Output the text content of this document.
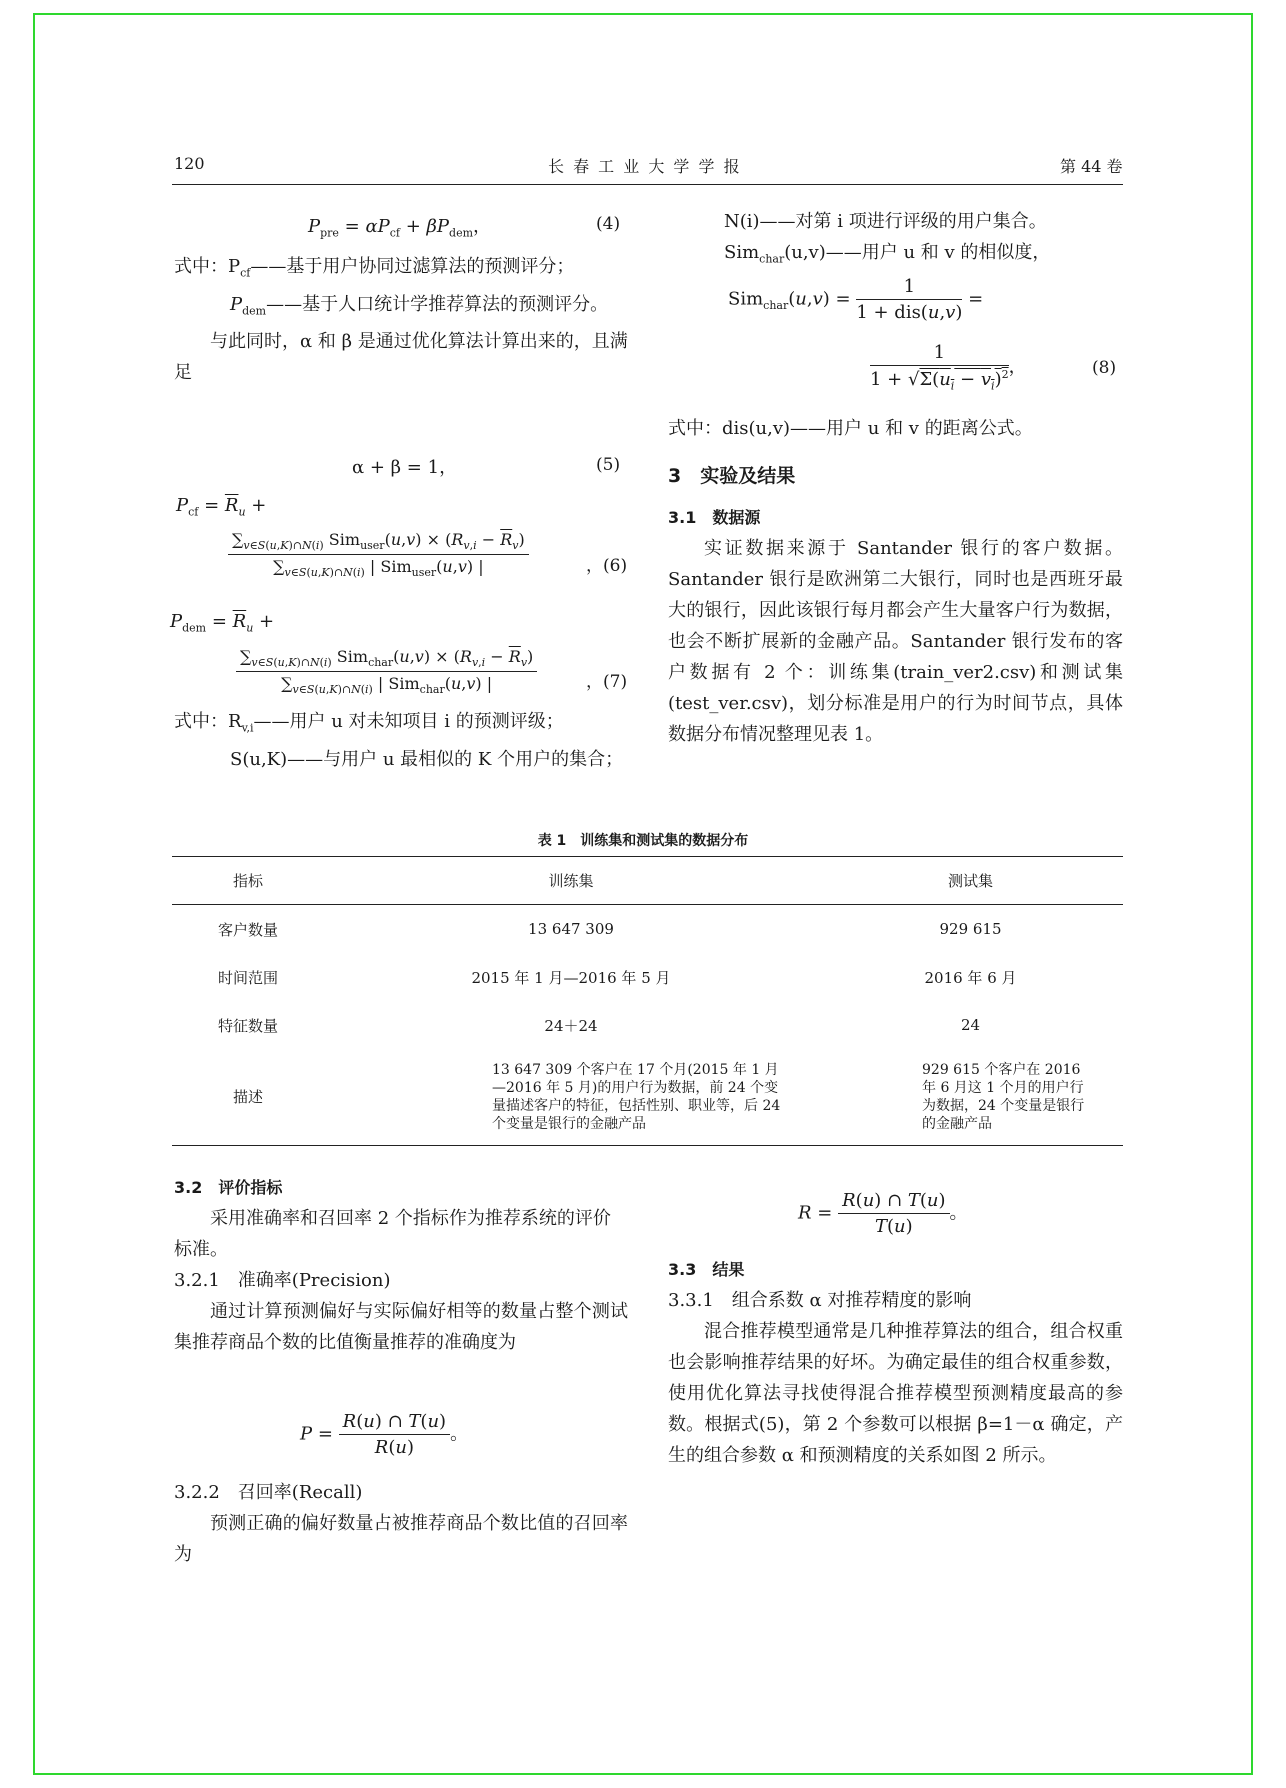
120	长 春 工 业 大 学 学 报	第 44 卷
$P_{pre} = \alpha P_{cf} + \beta P_{dem}$，	(4)

式中：$P_{cf}——$基于用户协同过滤算法的预测评分；

$P_{dem}——$基于人口统计学推荐算法的预测评分。

与此同时，α 和 β 是通过优化算法计算出来的，且满足

α + β = 1，	(5)
$P_{cf} = \overline{R}_u$ +
$\frac{\sum_{v\in S(u,K)\cap N(i)} Sim_{user}(u,v) \times (R_{v,i} - \overline{R}_v)}{\sum_{v\in S(u,K)\cap N(i)} | Sim_{user}(u,v) |}$	，(6)
$P_{dem} = \overline{R}_u$ +
$\frac{\sum_{v\in S(u,K)\cap N(i)} Sim_{char}(u,v) \times (R_{v,i} - \overline{R}_v)}{\sum_{v\in S(u,K)\cap N(i)} | Sim_{char}(u,v) |}$	，(7)

式中：$R_{v,i}——$用户 u 对未知项目 i 的预测评级；

S(u,K)——与用户 u 最相似的 K 个用户的集合；

N(i)——对第 i 项进行评级的用户集合。

Sim$_{char}$(u,v)——用户 u 和 v 的相似度，

$Sim_{char}(u,v) = \frac{1}{\text{1 + dis(u,v)}}$ =
$\frac{1}{1 + √\Sigma(u_i - v_i)^2}$ ，	(8)

式中：dis(u,v)——用户 u 和 v 的距离公式。

3　实验及结果

3.1　数据源

实证数据来源于 Santander 银行的客户数据。Santander 银行是欧洲第二大银行，同时也是西班牙最大的银行，因此该银行每月都会产生大量客户行为数据，也会不断扩展新的金融产品。Santander 银行发布的客户数据有 2 个：训练集(train_ver2.csv)和测试集(test_ver.csv)，划分标准是用户的行为时间节点，具体数据分布情况整理见表 1。

表 1　训练集和测试集的数据分布
指标	训练集	测试集
客户数量	13 647 309	929 615
时间范围	2015 年 1 月—2016 年 5 月	2016 年 6 月
特征数量	24＋24	24
描述	13 647 309 个客户在 17 个月(2015 年 1 月—2016 年 5 月)的用户行为数据，前 24 个变量描述客户的特征，包括性别、职业等，后 24 个变量是银行的金融产品	929 615 个客户在 2016 年 6 月这 1 个月的用户行为数据，24 个变量是银行的金融产品

3.2　评价指标

采用准确率和召回率 2 个指标作为推荐系统的评价标准。

3.2.1　准确率(Precision)

通过计算预测偏好与实际偏好相等的数量占整个测试集推荐商品个数的比值衡量推荐的准确度为

$P = \frac{R(u) \cap T(u)}{R(u)}$ 。

3.2.2　召回率(Recall)

预测正确的偏好数量占被推荐商品个数比值的召回率为

$R = \frac{R(u) \cap T(u)}{T(u)}$ 。

3.3　结果

3.3.1　组合系数 α 对推荐精度的影响

混合推荐模型通常是几种推荐算法的组合，组合权重也会影响推荐结果的好坏。为确定最佳的组合权重参数，使用优化算法寻找使得混合推荐模型预测精度最高的参数。根据式(5)，第 2 个参数可以根据 β=1－α 确定，产生的组合参数 α 和预测精度的关系如图 2 所示。
